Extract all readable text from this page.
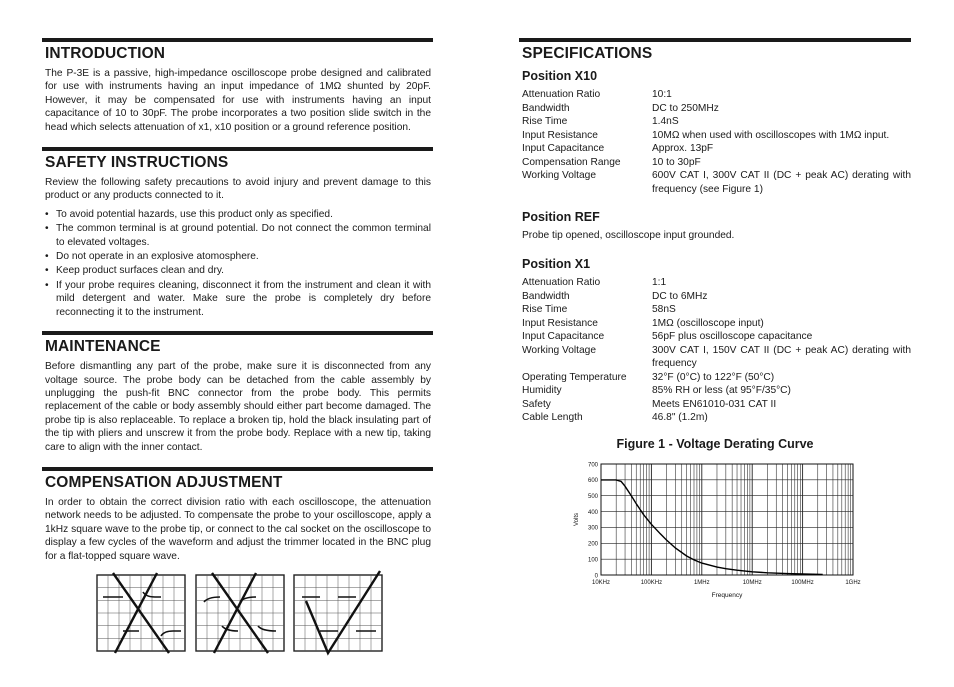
INTRODUCTION

The P-3E is a passive, high-impedance oscilloscope probe designed and calibrated for use with instruments having an input impedance of 1MΩ shunted by 20pF. However, it may be compensated for use with instruments having an input capacitance of 10 to 30pF. The probe incorporates a two position slide switch in the head which selects attenuation of x1, x10 position or a ground reference position.

SAFETY INSTRUCTIONS

Review the following safety precautions to avoid injury and prevent damage to this product or any products connected to it.

• To avoid potential hazards, use this product only as specified.
• The common terminal is at ground potential. Do not connect the common terminal to elevated voltages.
• Do not operate in an explosive atomosphere.
• Keep product surfaces clean and dry.
• If your probe requires cleaning, disconnect it from the instrument and clean it with mild detergent and water. Make sure the probe is completely dry before reconnecting it to the instrument.
MAINTENANCE

Before dismantling any part of the probe, make sure it is disconnected from any voltage source. The probe body can be detached from the cable assembly by unplugging the push-fit BNC connector from the probe body. This permits replacement of the cable or body assembly should either part become damaged. The probe tip is also replaceable. To replace a broken tip, hold the black insulating part of the tip with pliers and unscrew it from the probe body. Replace with a new tip, taking care to align with the inner contact.

COMPENSATION ADJUSTMENT

In order to obtain the correct division ratio with each oscilloscope, the attenuation network needs to be adjusted. To compensate the probe to your oscilloscope, apply a 1kHz square wave to the probe tip, or connect to the cal socket on the oscilloscope to display a few cycles of the waveform and adjust the trimmer located in the BNC plug for a flat-topped square wave.

SPECIFICATIONS
Position X10
Attenuation Ratio	10:1
Bandwidth	DC to 250MHz
Rise Time	1.4nS
Input Resistance	10MΩ when used with oscilloscopes with 1MΩ input.
Input Capacitance	Approx. 13pF
Compensation Range	10 to 30pF
Working Voltage	600V CAT I, 300V CAT II (DC + peak AC) derating with frequency (see Figure 1)
Position REF

Probe tip opened, oscilloscope input grounded.

Position X1
Attenuation Ratio	1:1
Bandwidth	DC to 6MHz
Rise Time	58nS
Input Resistance	1MΩ (oscilloscope input)
Input Capacitance	56pF plus oscilloscope capacitance
Working Voltage	300V CAT I, 150V CAT II (DC + peak AC) derating with frequency
Operating Temperature	32°F (0°C) to 122°F (50°C)
Humidity	85% RH or less (at 95°F/35°C)
Safety	Meets EN61010-031 CAT II
Cable Length	46.8" (1.2m)
Figure 1 - Voltage Derating Curve
0
100
200
300
400
500
600
700
10KHz	100KHz	1MHz	10MHz	100MHz	1GHz
Volts
Frequency
